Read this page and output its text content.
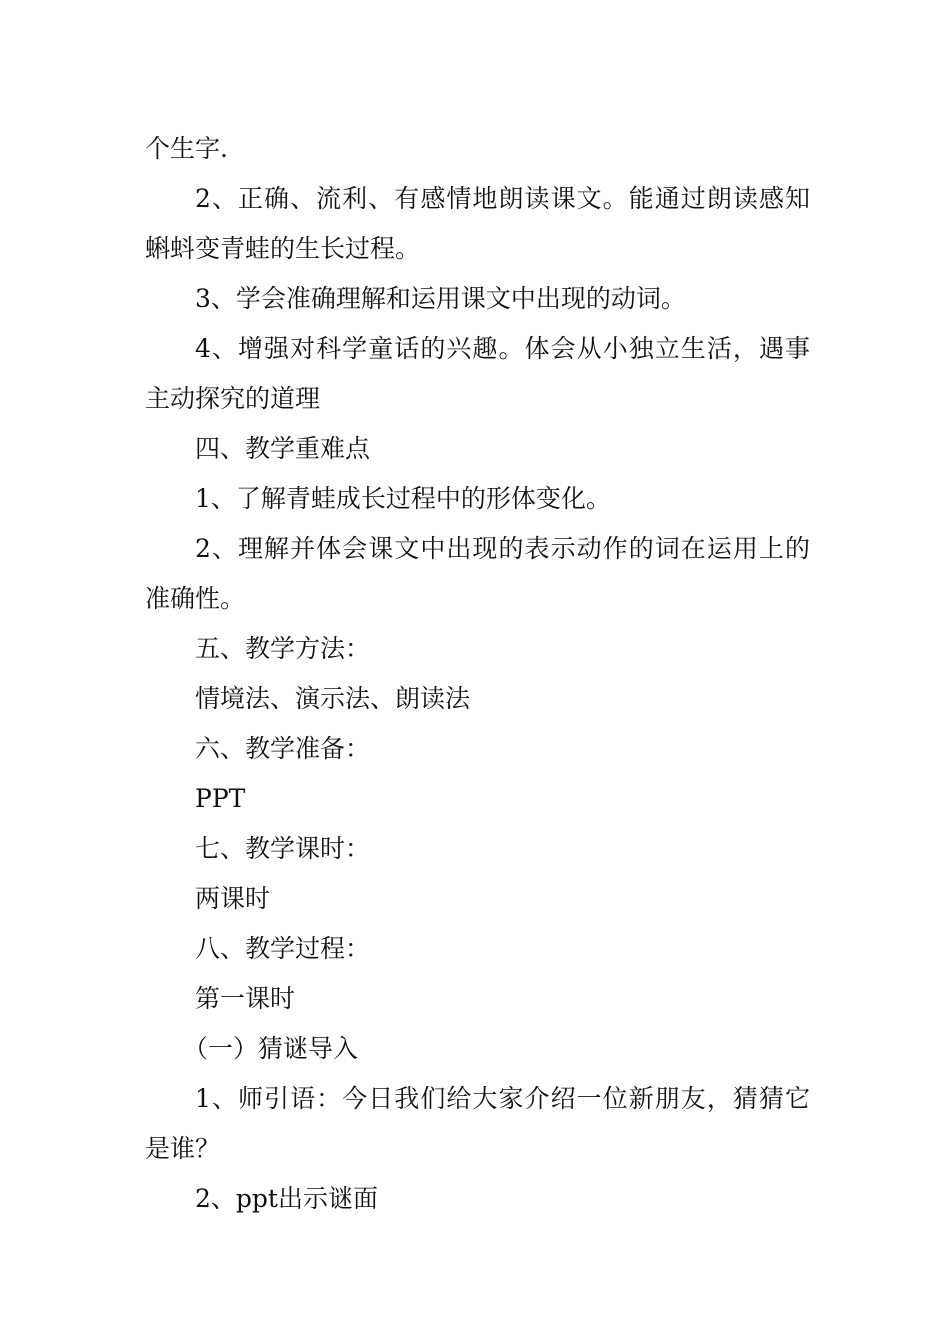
个生字.

2、正确、流利、有感情地朗读课文。能通过朗读感知蝌蚪变青蛙的生长过程。

3、学会准确理解和运用课文中出现的动词。

4、增强对科学童话的兴趣。体会从小独立生活，遇事主动探究的道理

四、教学重难点

1、了解青蛙成长过程中的形体变化。

2、理解并体会课文中出现的表示动作的词在运用上的准确性。

五、教学方法：

情境法、演示法、朗读法

六、教学准备：

PPT

七、教学课时：

两课时

八、教学过程：

第一课时

（一）猜谜导入

1、师引语：今日我们给大家介绍一位新朋友，猜猜它是谁？

2、ppt出示谜面
